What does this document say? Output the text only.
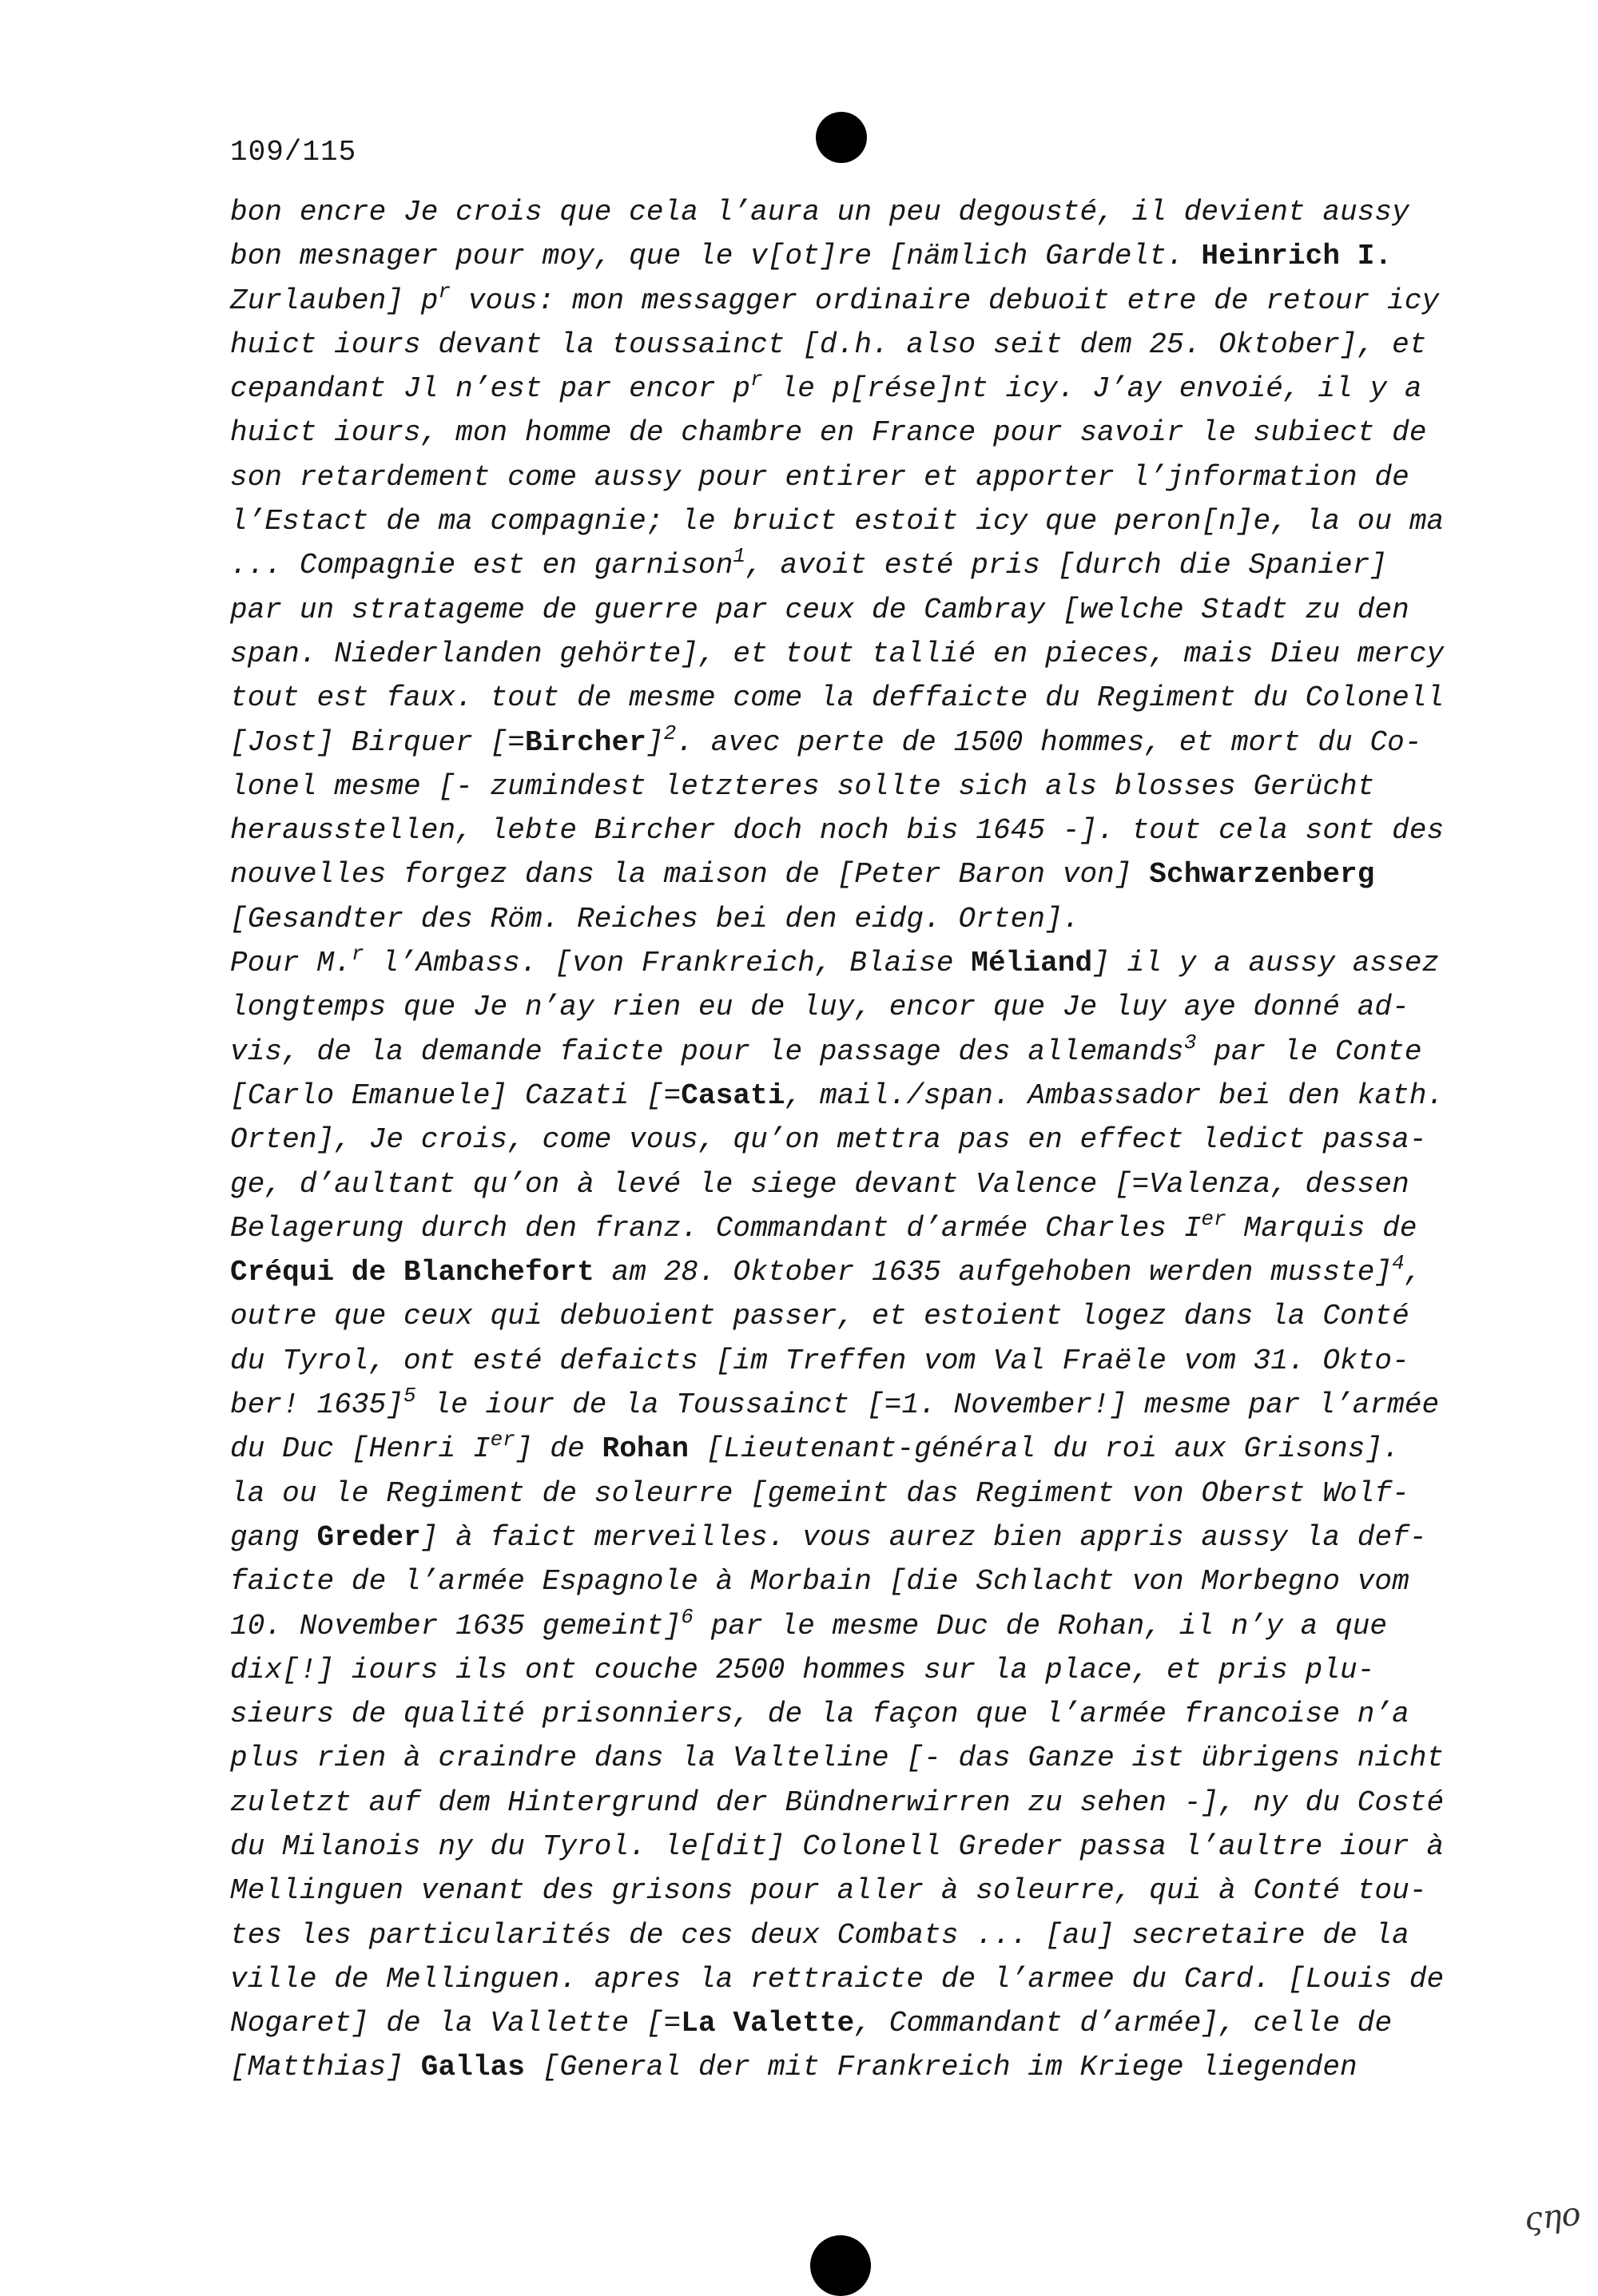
109/115
bon encre Je crois que cela l’aura un peu degousté, il devient aussy
bon mesnager pour moy, que le v[ot]re [nämlich Gardelt. Heinrich I.
Zurlauben] $p^r$ vous: mon messagger ordinaire debuoit etre de retour icy
huict iours devant la toussainct [d.h. also seit dem 25. Oktober], et
cepandant Jl n’est par encor $p^r$ le p[rése]nt icy. J’ay envoié, il y a
huict iours, mon homme de chambre en France pour savoir le subiect de
son retardement come aussy pour entirer et apporter l’jnformation de
l’Estact de ma compagnie; le bruict estoit icy que peron[n]e, la ou ma
... Compagnie est en garnison$^1$, avoit esté pris [durch die Spanier]
par un stratageme de guerre par ceux de Cambray [welche Stadt zu den
span. Niederlanden gehörte], et tout tallié en pieces, mais Dieu mercy
tout est faux. tout de mesme come la deffaicte du Regiment du Colonell
[Jost] Birquer [=Bircher]$^2$. avec perte de 1500 hommes, et mort du Co-
lonel mesme [- zumindest letzteres sollte sich als blosses Gerücht
herausstellen, lebte Bircher doch noch bis 1645 -]. tout cela sont des
nouvelles forgez dans la maison de [Peter Baron von] Schwarzenberg
[Gesandter des Röm. Reiches bei den eidg. Orten].
Pour M.$^r$ l’Ambass. [von Frankreich, Blaise Méliand] il y a aussy assez
longtemps que Je n’ay rien eu de luy, encor que Je luy aye donné ad-
vis, de la demande faicte pour le passage des allemands$^3$ par le Conte
[Carlo Emanuele] Cazati [=Casati, mail./span. Ambassador bei den kath.
Orten], Je crois, come vous, qu’on mettra pas en effect ledict passa-
ge, d’aultant qu’on à levé le siege devant Valence [=Valenza, dessen
Belagerung durch den franz. Commandant d’armée Charles Ier Marquis de
Créqui de Blanchefort am 28. Oktober 1635 aufgehoben werden musste]$^4$,
outre que ceux qui debuoient passer, et estoient logez dans la Conté
du Tyrol, ont esté defaicts [im Treffen vom Val Fraële vom 31. Okto-
ber! 1635]$^5$ le iour de la Toussainct [=1. November!] mesme par l’armée
du Duc [Henri Ier] de Rohan [Lieutenant-général du roi aux Grisons].
la ou le Regiment de soleurre [gemeint das Regiment von Oberst Wolf-
gang Greder] à faict merveilles. vous aurez bien appris aussy la def-
faicte de l’armée Espagnole à Morbain [die Schlacht von Morbegno vom
10. November 1635 gemeint]$^6$ par le mesme Duc de Rohan, il n’y a que
dix[!] iours ils ont couche 2500 hommes sur la place, et pris plu-
sieurs de qualité prisonniers, de la façon que l’armée francoise n’a
plus rien à craindre dans la Valteline [- das Ganze ist übrigens nicht
zuletzt auf dem Hintergrund der Bündnerwirren zu sehen -], ny du Costé
du Milanois ny du Tyrol. le[dit] Colonell Greder passa l’aultre iour à
Mellinguen venant des grisons pour aller à soleurre, qui à Conté tou-
tes les particularités de ces deux Combats ... [au] secretaire de la
ville de Mellinguen. apres la rettraicte de l’armee du Card. [Louis de
Nogaret] de la Vallette [=La Valette, Commandant d’armée], celle de
[Matthias] Gallas [General der mit Frankreich im Kriege liegenden
ςηο
